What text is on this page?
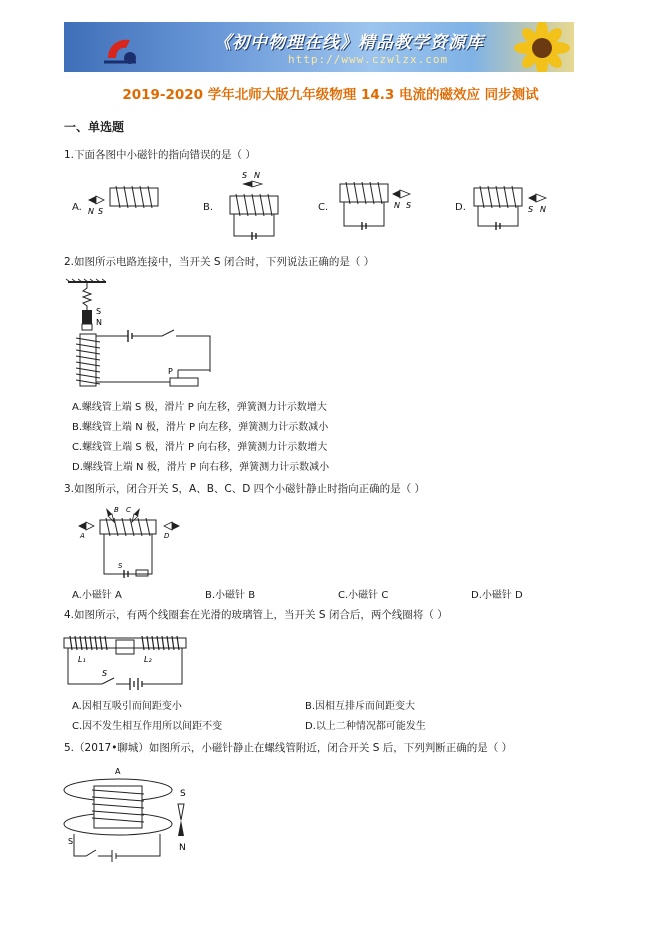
《初中物理在线》精品教学资源库
http://www.czwlzx.com
2019-2020 学年北师大版九年级物理 14.3 电流的磁效应 同步测试
一、单选题
1.下面各图中小磁针的指向错误的是（ ）
A. N S	B.
S N
C.	N S	D.	S N
2.如图所示电路连接中，当开关 S 闭合时，下列说法正确的是（ ）
S
N
P
A.螺线管上端 S 极，滑片 P 向左移，弹簧测力计示数增大
B.螺线管上端 N 极，滑片 P 向左移，弹簧测力计示数减小
C.螺线管上端 S 极，滑片 P 向右移，弹簧测力计示数增大
D.螺线管上端 N 极，滑片 P 向右移，弹簧测力计示数减小
3.如图所示，闭合开关 S，A、B、C、D 四个小磁针静止时指向正确的是（ ）
A
B C
D
S
A.小磁针 A	B.小磁针 B	C.小磁针 C	D.小磁针 D
4.如图所示，有两个线圈套在光滑的玻璃管上，当开关 S 闭合后，两个线圈将（ ）
L₁	L₂
S
A.因相互吸引而间距变小	B.因相互排斥而间距变大
C.因不发生相互作用所以间距不变	D.以上二种情况都可能发生
5.（2017•聊城）如图所示，小磁针静止在螺线管附近，闭合开关 S 后，下列判断正确的是（ ）
A
S
S
N
